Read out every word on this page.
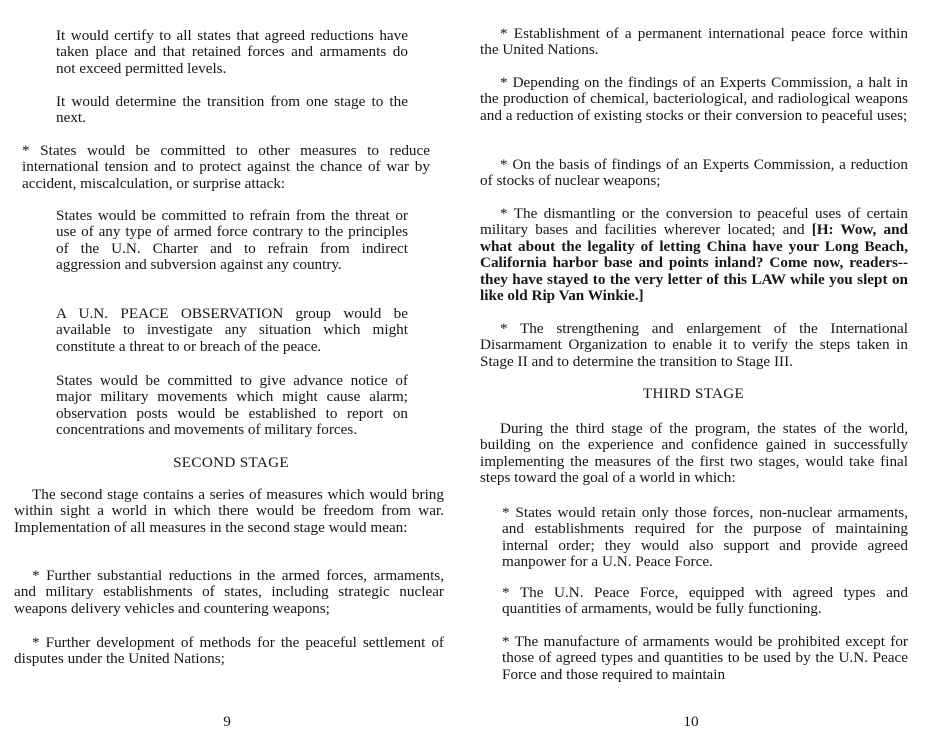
It would certify to all states that agreed reductions have taken place and that retained forces and armaments do not exceed permitted levels.

It would determine the transition from one stage to the next.

* States would be committed to other measures to reduce international tension and to protect against the chance of war by accident, miscalculation, or surprise attack:

States would be committed to refrain from the threat or use of any type of armed force contrary to the principles of the U.N. Charter and to refrain from indirect aggression and subversion against any country.

A U.N. PEACE OBSERVATION group would be available to investigate any situation which might constitute a threat to or breach of the peace.

States would be committed to give advance notice of major military movements which might cause alarm; observation posts would be established to report on concentrations and movements of military forces.

SECOND STAGE

The second stage contains a series of measures which would bring within sight a world in which there would be freedom from war. Implementation of all measures in the second stage would mean:

* Further substantial reductions in the armed forces, armaments, and military establishments of states, including strategic nuclear weapons delivery vehicles and countering weapons;

* Further development of methods for the peaceful settlement of disputes under the United Nations;

9

* Establishment of a permanent international peace force within the United Nations.

* Depending on the findings of an Experts Commission, a halt in the production of chemical, bacteriological, and radiological weapons and a reduction of existing stocks or their conversion to peaceful uses;

* On the basis of findings of an Experts Commission, a reduction of stocks of nuclear weapons;

* The dismantling or the conversion to peaceful uses of certain military bases and facilities wherever located; and [H: Wow, and what about the legality of letting China have your Long Beach, California harbor base and points inland? Come now, readers--they have stayed to the very letter of this LAW while you slept on like old Rip Van Winkie.]

* The strengthening and enlargement of the International Disarmament Organization to enable it to verify the steps taken in Stage II and to determine the transition to Stage III.

THIRD STAGE

During the third stage of the program, the states of the world, building on the experience and confidence gained in successfully implementing the measures of the first two stages, would take final steps toward the goal of a world in which:

* States would retain only those forces, non-nuclear armaments, and establishments required for the purpose of maintaining internal order; they would also support and provide agreed manpower for a U.N. Peace Force.

* The U.N. Peace Force, equipped with agreed types and quantities of armaments, would be fully functioning.

* The manufacture of armaments would be prohibited except for those of agreed types and quantities to be used by the U.N. Peace Force and those required to maintain

10
